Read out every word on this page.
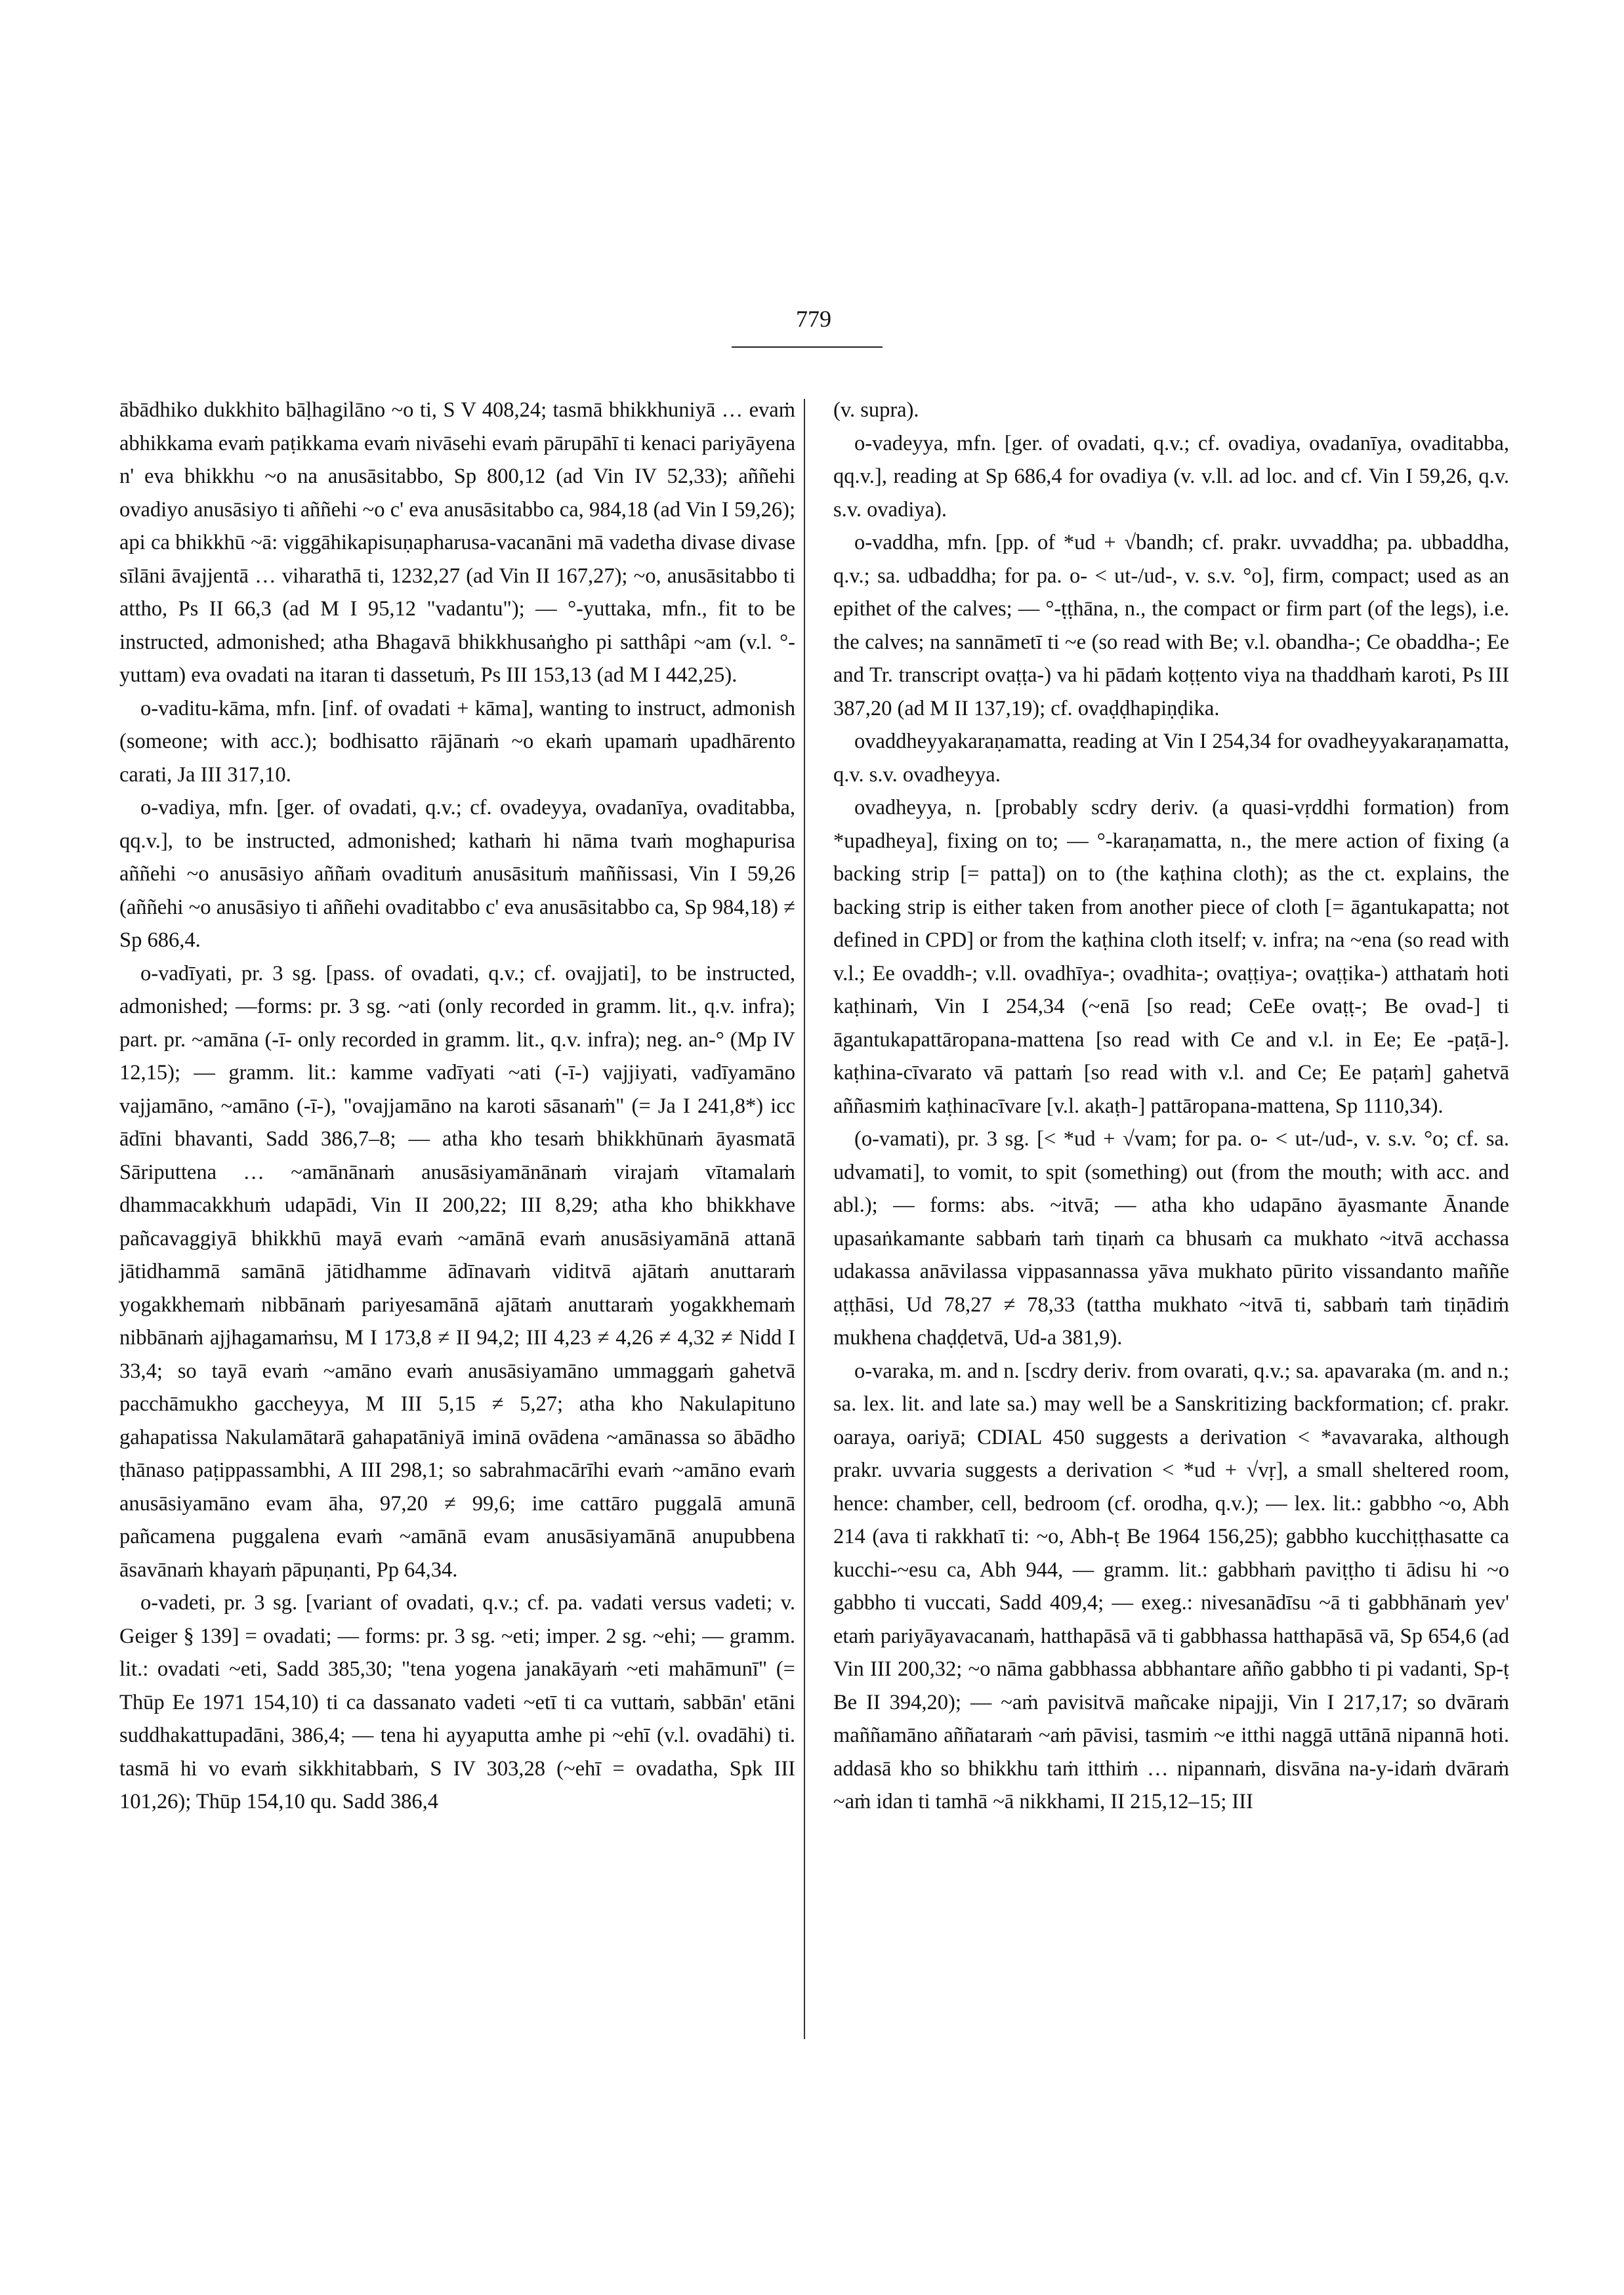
779

ābādhiko dukkhito bāḷhagilāno ~o ti, S V 408,24; tasmā bhikkhuniyā … evaṁ abhikkama evaṁ paṭikkama evaṁ nivāsehi evaṁ pārupāhī ti kenaci pariyāyena n' eva bhikkhu ~o na anusāsitabbo, Sp 800,12 (ad Vin IV 52,33); aññehi ovadiyo anusāsiyo ti aññehi ~o c' eva anusāsitabbo ca, 984,18 (ad Vin I 59,26); api ca bhikkhū ~ā: viggāhikapisuṇapharusa-vacanāni mā vadetha divase divase sīlāni āvajjentā … viharathā ti, 1232,27 (ad Vin II 167,27); ~o, anusāsitabbo ti attho, Ps II 66,3 (ad M I 95,12 "vadantu"); — °-yuttaka, mfn., fit to be instructed, admonished; atha Bhagavā bhikkhusaṅgho pi satthâpi ~am (v.l. °-yuttam) eva ovadati na itaran ti dassetuṁ, Ps III 153,13 (ad M I 442,25).

o-vaditu-kāma, mfn. [inf. of ovadati + kāma], wanting to instruct, admonish (someone; with acc.); bodhisatto rājānaṁ ~o ekaṁ upamaṁ upadhārento carati, Ja III 317,10.

o-vadiya, mfn. [ger. of ovadati, q.v.; cf. ovadeyya, ovadanīya, ovaditabba, qq.v.], to be instructed, admonished; kathaṁ hi nāma tvaṁ moghapurisa aññehi ~o anusāsiyo aññaṁ ovadituṁ anusāsituṁ maññissasi, Vin I 59,26 (aññehi ~o anusāsiyo ti aññehi ovaditabbo c' eva anusāsitabbo ca, Sp 984,18) ≠ Sp 686,4.

o-vadīyati, pr. 3 sg. [pass. of ovadati, q.v.; cf. ovajjati], to be instructed, admonished; —forms: pr. 3 sg. ~ati (only recorded in gramm. lit., q.v. infra); part. pr. ~amāna (-ī- only recorded in gramm. lit., q.v. infra); neg. an-° (Mp IV 12,15); — gramm. lit.: kamme vadīyati ~ati (-ī-) vajjiyati, vadīyamāno vajjamāno, ~amāno (-ī-), "ovajjamāno na karoti sāsanaṁ" (= Ja I 241,8*) icc ādīni bhavanti, Sadd 386,7–8; — atha kho tesaṁ bhikkhūnaṁ āyasmatā Sāriputtena … ~amānānaṁ anusāsiyamānānaṁ virajaṁ vītamalaṁ dhammacakkhuṁ udapādi, Vin II 200,22; III 8,29; atha kho bhikkhave pañcavaggiyā bhikkhū mayā evaṁ ~amānā evaṁ anusāsiyamānā attanā jātidhammā samānā jātidhamme ādīnavaṁ viditvā ajātaṁ anuttaraṁ yogakkhemaṁ nibbānaṁ pariyesamānā ajātaṁ anuttaraṁ yogakkhemaṁ nibbānaṁ ajjhagamaṁsu, M I 173,8 ≠ II 94,2; III 4,23 ≠ 4,26 ≠ 4,32 ≠ Nidd I 33,4; so tayā evaṁ ~amāno evaṁ anusāsiyamāno ummaggaṁ gahetvā pacchāmukho gaccheyya, M III 5,15 ≠ 5,27; atha kho Nakulapituno gahapatissa Nakulamātarā gahapatāniyā iminā ovādena ~amānassa so ābādho ṭhānaso paṭippassambhi, A III 298,1; so sabrahmacārīhi evaṁ ~amāno evaṁ anusāsiyamāno evam āha, 97,20 ≠ 99,6; ime cattāro puggalā amunā pañcamena puggalena evaṁ ~amānā evam anusāsiyamānā anupubbena āsavānaṁ khayaṁ pāpuṇanti, Pp 64,34.

o-vadeti, pr. 3 sg. [variant of ovadati, q.v.; cf. pa. vadati versus vadeti; v. Geiger § 139] = ovadati; — forms: pr. 3 sg. ~eti; imper. 2 sg. ~ehi; — gramm. lit.: ovadati ~eti, Sadd 385,30; "tena yogena janakāyaṁ ~eti mahāmunī" (= Thūp Ee 1971 154,10) ti ca dassanato vadeti ~etī ti ca vuttaṁ, sabbān' etāni suddhakattupadāni, 386,4; — tena hi ayyaputta amhe pi ~ehī (v.l. ovadāhi) ti. tasmā hi vo evaṁ sikkhitabbaṁ, S IV 303,28 (~ehī = ovadatha, Spk III 101,26); Thūp 154,10 qu. Sadd 386,4

(v. supra).

o-vadeyya, mfn. [ger. of ovadati, q.v.; cf. ovadiya, ovadanīya, ovaditabba, qq.v.], reading at Sp 686,4 for ovadiya (v. v.ll. ad loc. and cf. Vin I 59,26, q.v. s.v. ovadiya).

o-vaddha, mfn. [pp. of *ud + √bandh; cf. prakr. uvvaddha; pa. ubbaddha, q.v.; sa. udbaddha; for pa. o- < ut-/ud-, v. s.v. °o], firm, compact; used as an epithet of the calves; — °-ṭṭhāna, n., the compact or firm part (of the legs), i.e. the calves; na sannāmetī ti ~e (so read with Be; v.l. obandha-; Ce obaddha-; Ee and Tr. transcript ovaṭṭa-) va hi pādaṁ koṭṭento viya na thaddhaṁ karoti, Ps III 387,20 (ad M II 137,19); cf. ovaḍḍhapiṇḍika.

ovaddheyyakaraṇamatta, reading at Vin I 254,34 for ovadheyyakaraṇamatta, q.v. s.v. ovadheyya.

ovadheyya, n. [probably scdry deriv. (a quasi-vṛddhi formation) from *upadheya], fixing on to; — °-karaṇamatta, n., the mere action of fixing (a backing strip [= patta]) on to (the kaṭhina cloth); as the ct. explains, the backing strip is either taken from another piece of cloth [= āgantukapatta; not defined in CPD] or from the kaṭhina cloth itself; v. infra; na ~ena (so read with v.l.; Ee ovaddh-; v.ll. ovadhīya-; ovadhita-; ovaṭṭiya-; ovaṭṭika-) atthataṁ hoti kaṭhinaṁ, Vin I 254,34 (~enā [so read; CeEe ovaṭṭ-; Be ovad-] ti āgantukapattāropana-mattena [so read with Ce and v.l. in Ee; Ee -paṭā-]. kaṭhina-cīvarato vā pattaṁ [so read with v.l. and Ce; Ee paṭaṁ] gahetvā aññasmiṁ kaṭhinacīvare [v.l. akaṭh-] pattāropana-mattena, Sp 1110,34).

(o-vamati), pr. 3 sg. [< *ud + √vam; for pa. o- < ut-/ud-, v. s.v. °o; cf. sa. udvamati], to vomit, to spit (something) out (from the mouth; with acc. and abl.); — forms: abs. ~itvā; — atha kho udapāno āyasmante Ānande upasaṅkamante sabbaṁ taṁ tiṇaṁ ca bhusaṁ ca mukhato ~itvā acchassa udakassa anāvilassa vippasannassa yāva mukhato pūrito vissandanto maññe aṭṭhāsi, Ud 78,27 ≠ 78,33 (tattha mukhato ~itvā ti, sabbaṁ taṁ tiṇādiṁ mukhena chaḍḍetvā, Ud-a 381,9).

o-varaka, m. and n. [scdry deriv. from ovarati, q.v.; sa. apavaraka (m. and n.; sa. lex. lit. and late sa.) may well be a Sanskritizing backformation; cf. prakr. oaraya, oariyā; CDIAL 450 suggests a derivation < *avavaraka, although prakr. uvvaria suggests a derivation < *ud + √vṛ], a small sheltered room, hence: chamber, cell, bedroom (cf. orodha, q.v.); — lex. lit.: gabbho ~o, Abh 214 (ava ti rakkhatī ti: ~o, Abh-ṭ Be 1964 156,25); gabbho kucchiṭṭhasatte ca kucchi-~esu ca, Abh 944, — gramm. lit.: gabbhaṁ paviṭṭho ti ādisu hi ~o gabbho ti vuccati, Sadd 409,4; — exeg.: nivesanādīsu ~ā ti gabbhānaṁ yev' etaṁ pariyāyavacanaṁ, hatthapāsā vā ti gabbhassa hatthapāsā vā, Sp 654,6 (ad Vin III 200,32; ~o nāma gabbhassa abbhantare añño gabbho ti pi vadanti, Sp-ṭ Be II 394,20); — ~aṁ pavisitvā mañcake nipajji, Vin I 217,17; so dvāraṁ maññamāno aññataraṁ ~aṁ pāvisi, tasmiṁ ~e itthi naggā uttānā nipannā hoti. addasā kho so bhikkhu taṁ itthiṁ … nipannaṁ, disvāna na-y-idaṁ dvāraṁ ~aṁ idan ti tamhā ~ā nikkhami, II 215,12–15; III
